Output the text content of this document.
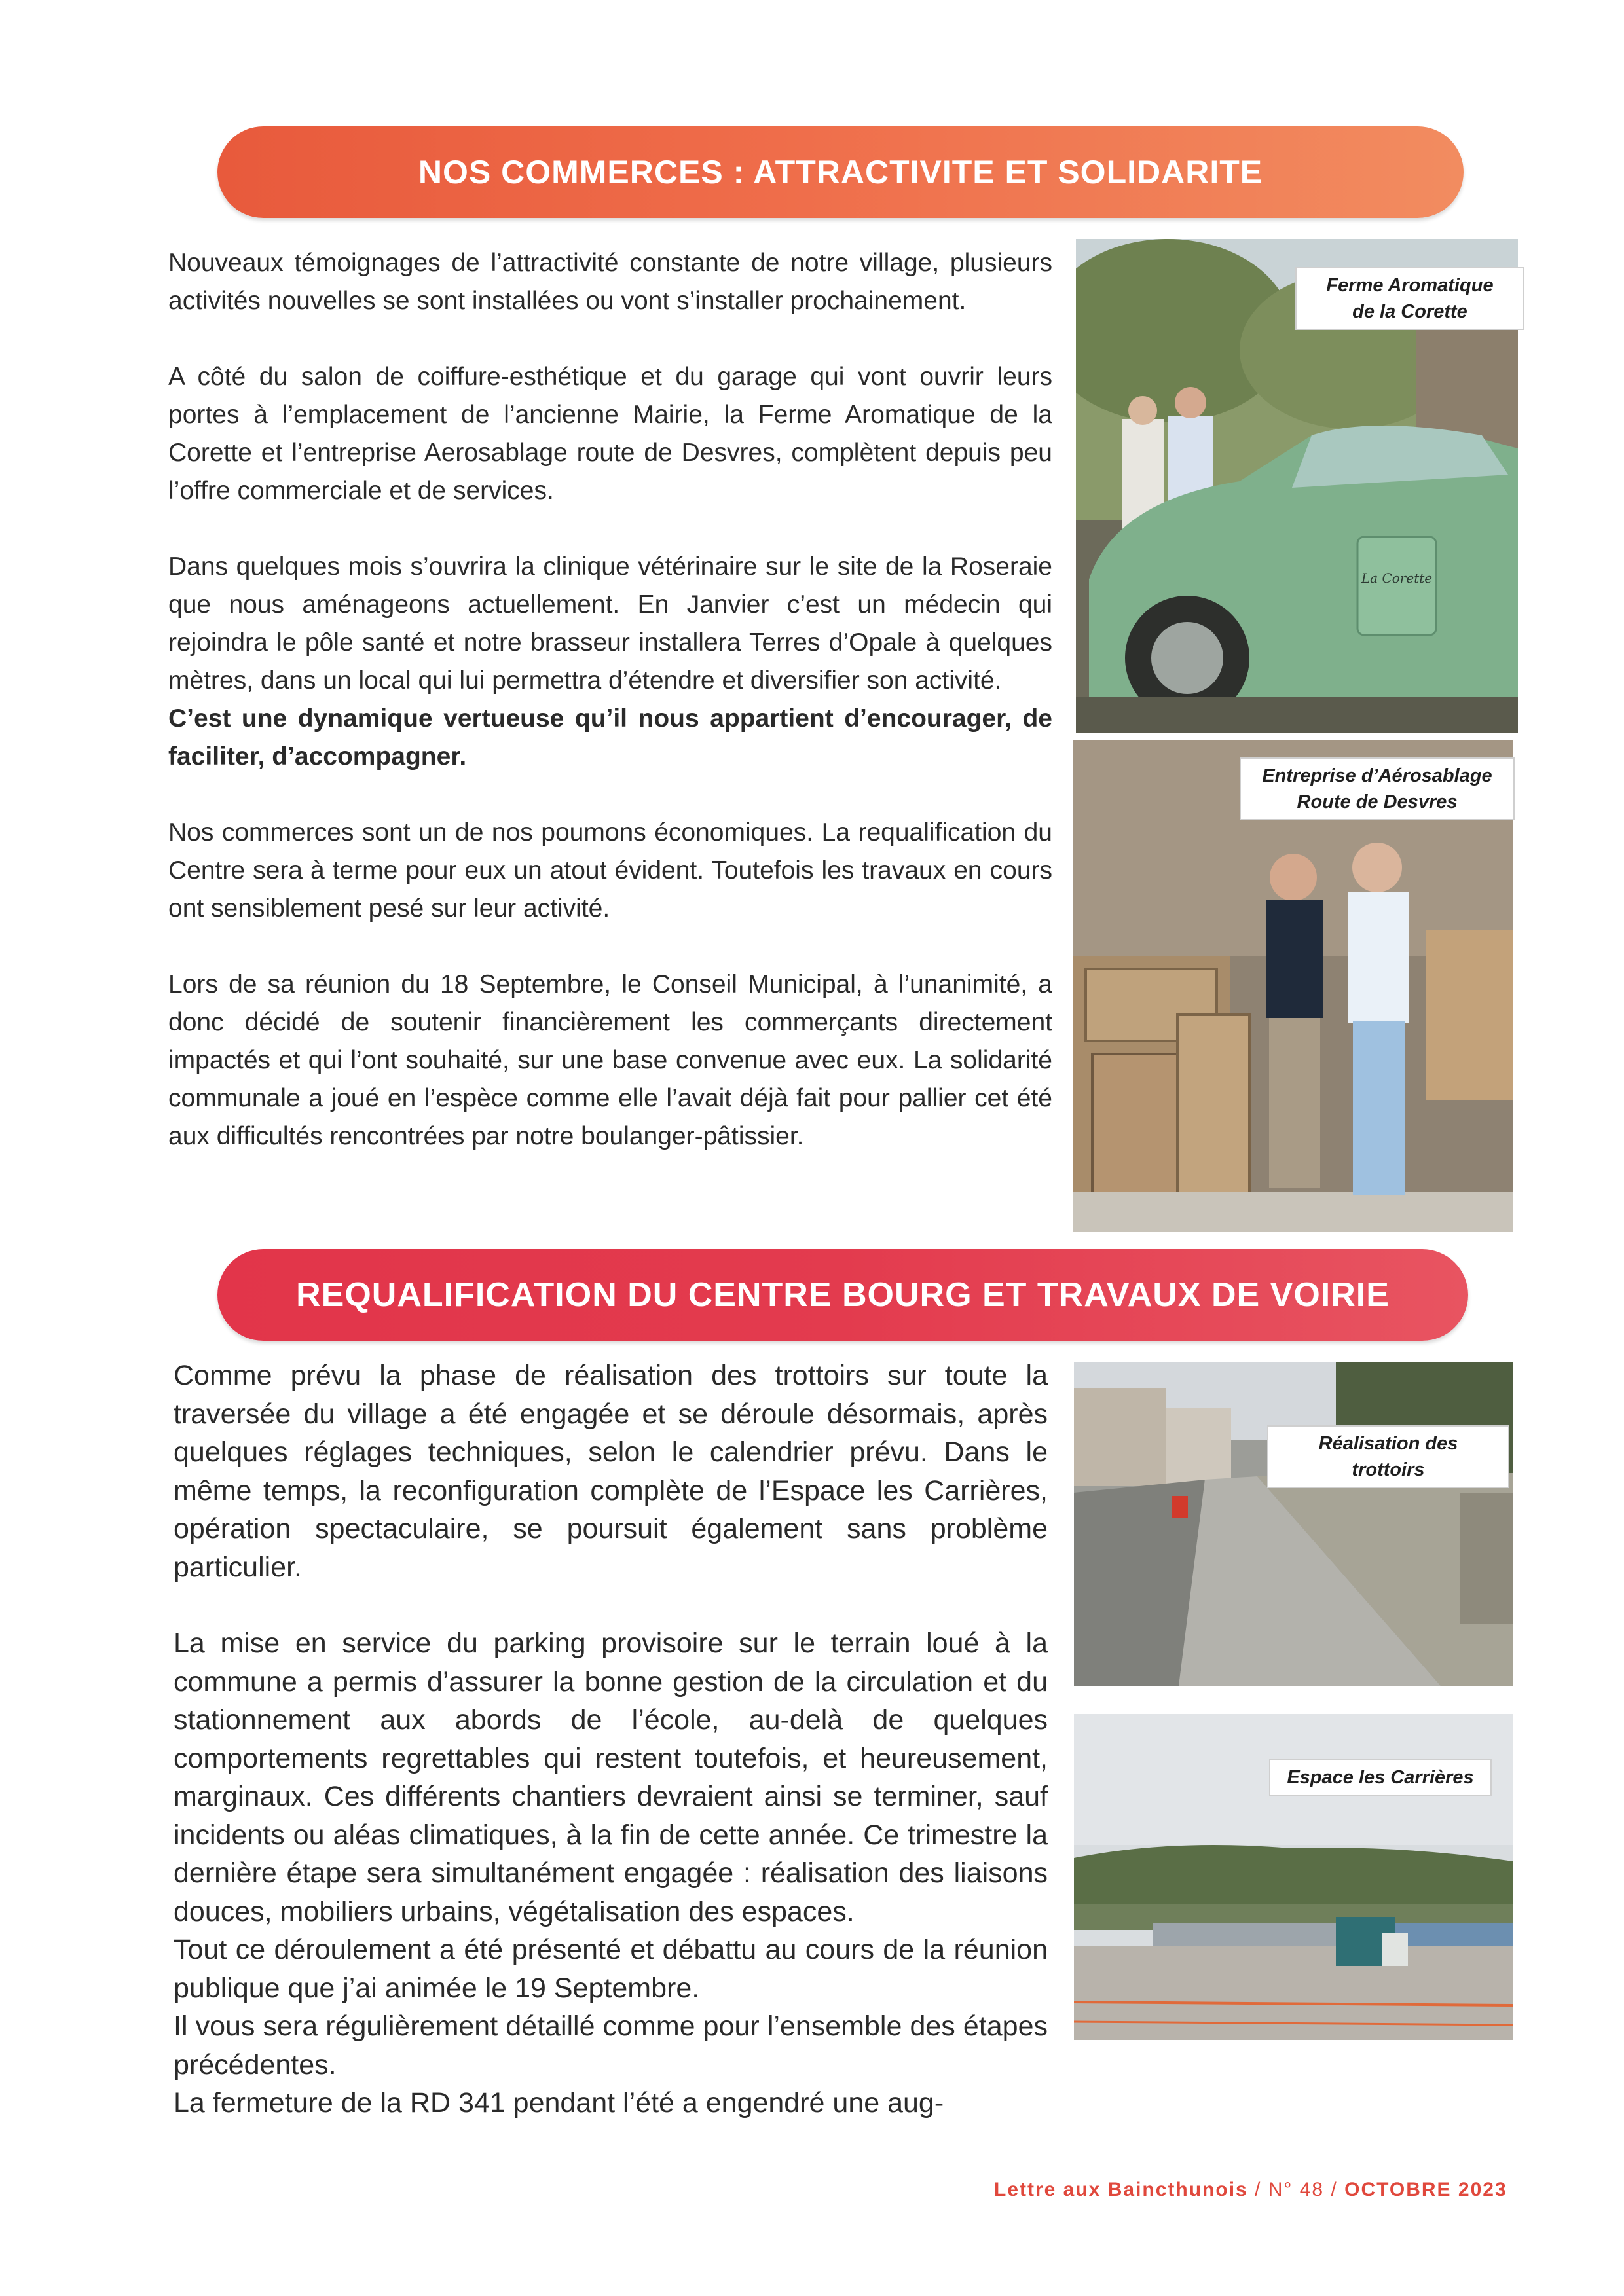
NOS COMMERCES : ATTRACTIVITE ET SOLIDARITE

Nouveaux témoignages de l’attractivité constante de notre village, plusieurs activités nouvelles se sont installées ou vont s’installer prochainement.

A côté du salon de coiffure-esthétique et du garage qui vont ouvrir leurs portes à l’emplacement de l’ancienne Mairie, la Ferme Aromatique de la Corette et l’entreprise Aerosablage route de Desvres, complètent depuis peu l’offre commerciale et de services.

Dans quelques mois s’ouvrira la clinique vétérinaire sur le site de la Roseraie que nous aménageons actuellement. En Janvier c’est un médecin qui rejoindra le pôle santé et notre brasseur installera Terres d’Opale à quelques mètres, dans un local qui lui permettra d’étendre et diversifier son activité.

C’est une dynamique vertueuse qu’il nous appartient d’encourager, de faciliter, d’accompagner.

Nos commerces sont un de nos poumons économiques. La requalification du Centre sera à terme pour eux un atout évident. Toutefois les travaux en cours ont sensiblement pesé sur leur activité.

Lors de sa réunion du 18 Septembre, le Conseil Municipal, à l’unanimité, a donc décidé de soutenir financièrement les commerçants directement impactés et qui l’ont souhaité, sur une base convenue avec eux. La solidarité communale a joué en l’espèce comme elle l’avait déjà fait pour pallier cet été aux difficultés rencontrées par notre boulanger-pâtissier.

La Corette
Ferme Aromatique
de la Corette
Entreprise d’Aérosablage
Route de Desvres
REQUALIFICATION DU CENTRE BOURG ET TRAVAUX DE VOIRIE

Comme prévu la phase de réalisation des trottoirs sur toute la traversée du village a été engagée et se déroule désormais, après quelques réglages techniques, selon le calendrier prévu. Dans le même temps, la reconfiguration complète de l’Espace les Carrières, opération spectaculaire, se poursuit également sans problème particulier.

La mise en service du parking provisoire sur le terrain loué à la commune a permis d’assurer la bonne gestion de la circulation et du stationnement aux abords de l’école, au-delà de quelques comportements regrettables qui restent toutefois, et heureusement, marginaux. Ces différents chantiers devraient ainsi se terminer, sauf incidents ou aléas climatiques, à la fin de cette année. Ce trimestre la dernière étape sera simultanément engagée : réalisation des liaisons douces, mobiliers urbains, végétalisation des espaces.

Tout ce déroulement a été présenté et débattu au cours de la réunion publique que j’ai animée le 19 Septembre.

Il vous sera régulièrement détaillé comme pour l’ensemble des étapes précédentes.

La fermeture de la RD 341 pendant l’été a engendré une aug-

Réalisation des trottoirs
Espace les Carrières
Lettre aux Baincthunois / N° 48 / OCTOBRE 2023
